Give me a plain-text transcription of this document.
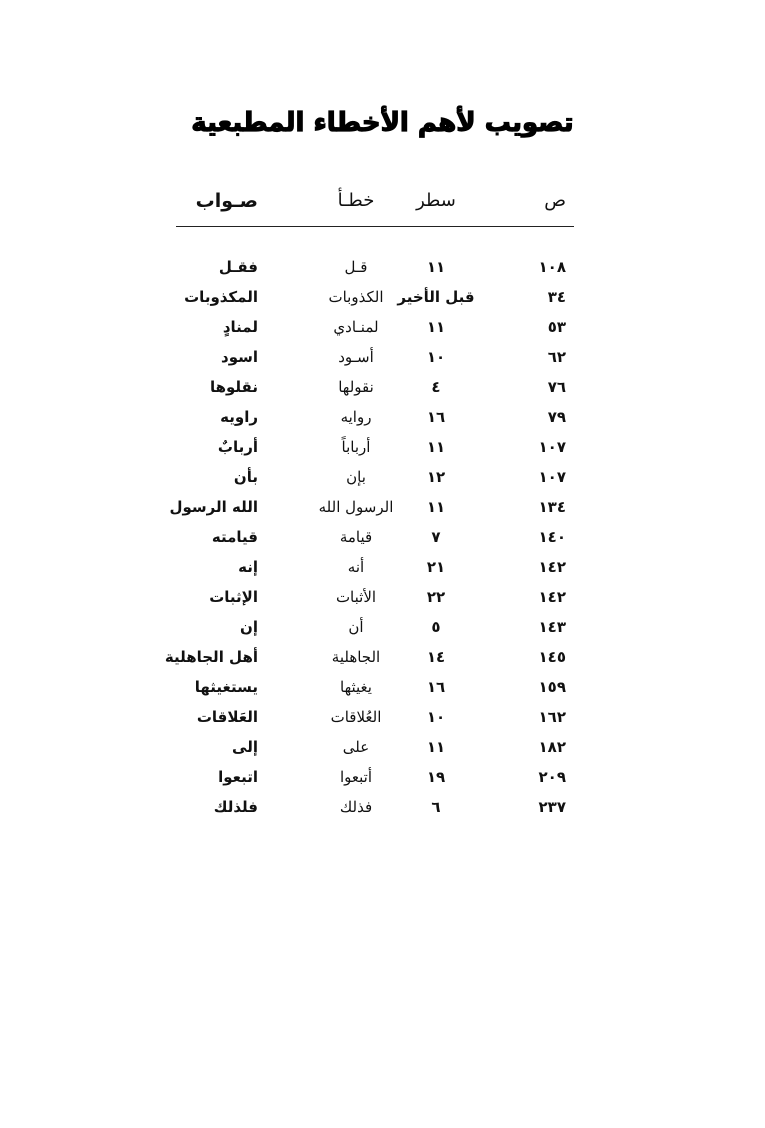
تصويب لأهم الأخطاء المطبعية
ص
سطر
خطـأ
صـواب
١٠٨
١١
قـل
فقـل
٣٤
قبل الأخير
الكذوبات
المكذوبات
٥٣
١١
لمنـادي
لمنادٍ
٦٢
١٠
أسـود
اسود
٧٦
٤
نقولها
نقلوها
٧٩
١٦
روايه
راويه
١٠٧
١١
أرباباً
أربابٌ
١٠٧
١٢
بإن
بأن
١٣٤
١١
الرسول الله
الله الرسول
١٤٠
٧
قيامة
قيامته
١٤٢
٢١
أنه
إنه
١٤٢
٢٢
الأثبات
الإثبات
١٤٣
٥
أن
إن
١٤٥
١٤
الجاهلية
أهل الجاهلية
١٥٩
١٦
يغيثها
يستغيثها
١٦٢
١٠
العُلاقات
العَلاقات
١٨٢
١١
على
إلى
٢٠٩
١٩
أتبعوا
اتبعوا
٢٣٧
٦
فذلك
فلذلك
